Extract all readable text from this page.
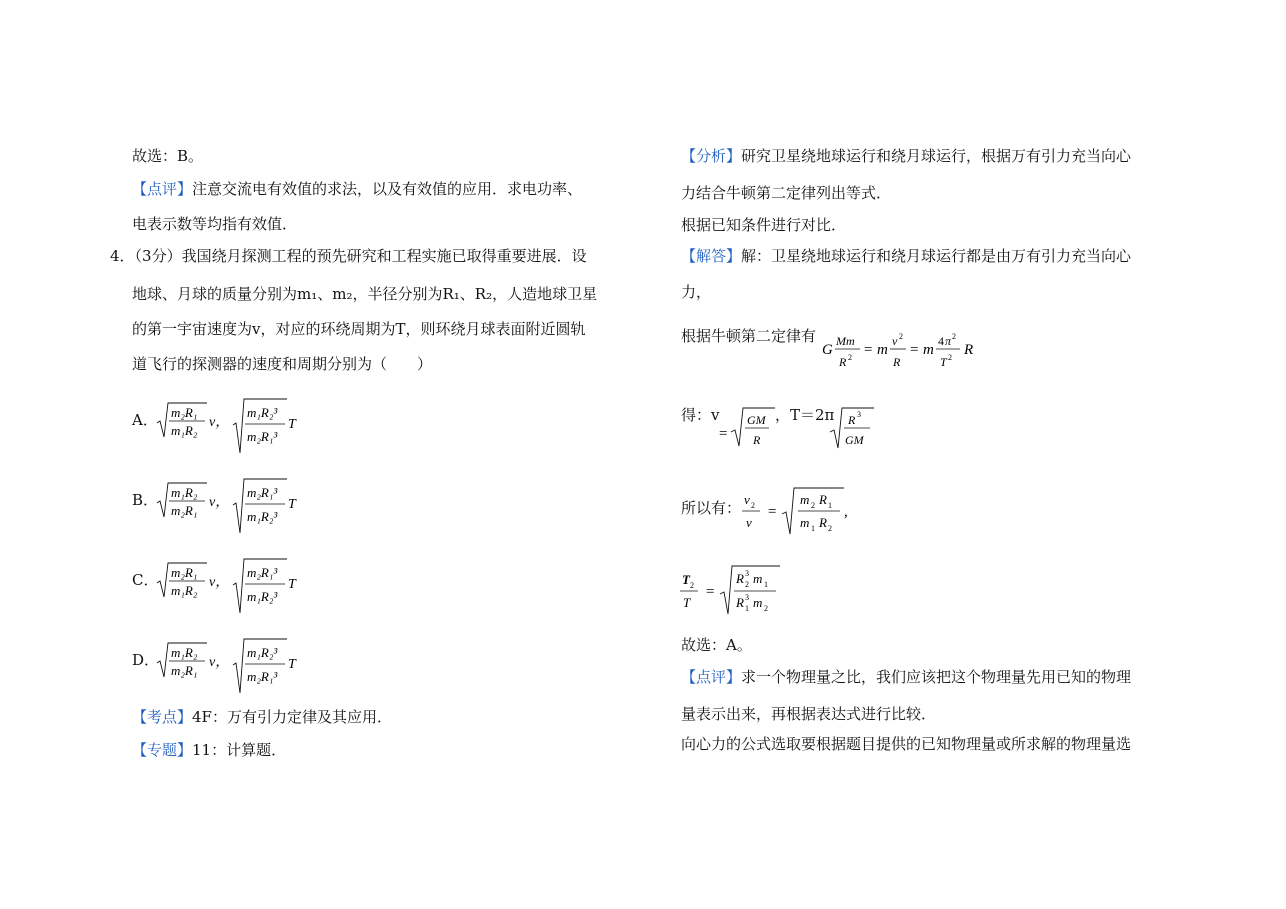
故选：B。
【点评】注意交流电有效值的求法，以及有效值的应用．求电功率、
电表示数等均指有效值．
4．（3分）我国绕月探测工程的预先研究和工程实施已取得重要进展．设
地球、月球的质量分别为m₁、m₂，半径分别为R₁、R₂，人造地球卫星
的第一宇宙速度为v，对应的环绕周期为T，则环绕月球表面附近圆轨
道飞行的探测器的速度和周期分别为（　　）
A． m₂R₁
m₁R₂
v，
m₁R₂³
m₂R₁³
T
B． m₁R₂
m₂R₁
v，
m₂R₁³
m₁R₂³
T
C． m₂R₁
m₁R₂
v，
m₂R₁³
m₁R₂³
T
D． m₁R₂
m₂R₁
v，
m₁R₂³
m₂R₁³
T
【考点】4F：万有引力定律及其应用．
【专题】11：计算题．
【分析】研究卫星绕地球运行和绕月球运行，根据万有引力充当向心
力结合牛顿第二定律列出等式．
根据已知条件进行对比．
【解答】解：卫星绕地球运行和绕月球运行都是由万有引力充当向心
力，
根据牛顿第二定律有
G
Mm
R 2 = m
v 2
R
= m
4 π 2
T 2 R
得：v
=
GM
R
，T＝2π R 3
GM
所以有： v 2
v
=
m 2 R 1
m 1 R 2
,
T 2
T
=
R 3
2 m 1
R 3
1 m 2
故选：A。
【点评】求一个物理量之比，我们应该把这个物理量先用已知的物理
量表示出来，再根据表达式进行比较．
向心力的公式选取要根据题目提供的已知物理量或所求解的物理量选
